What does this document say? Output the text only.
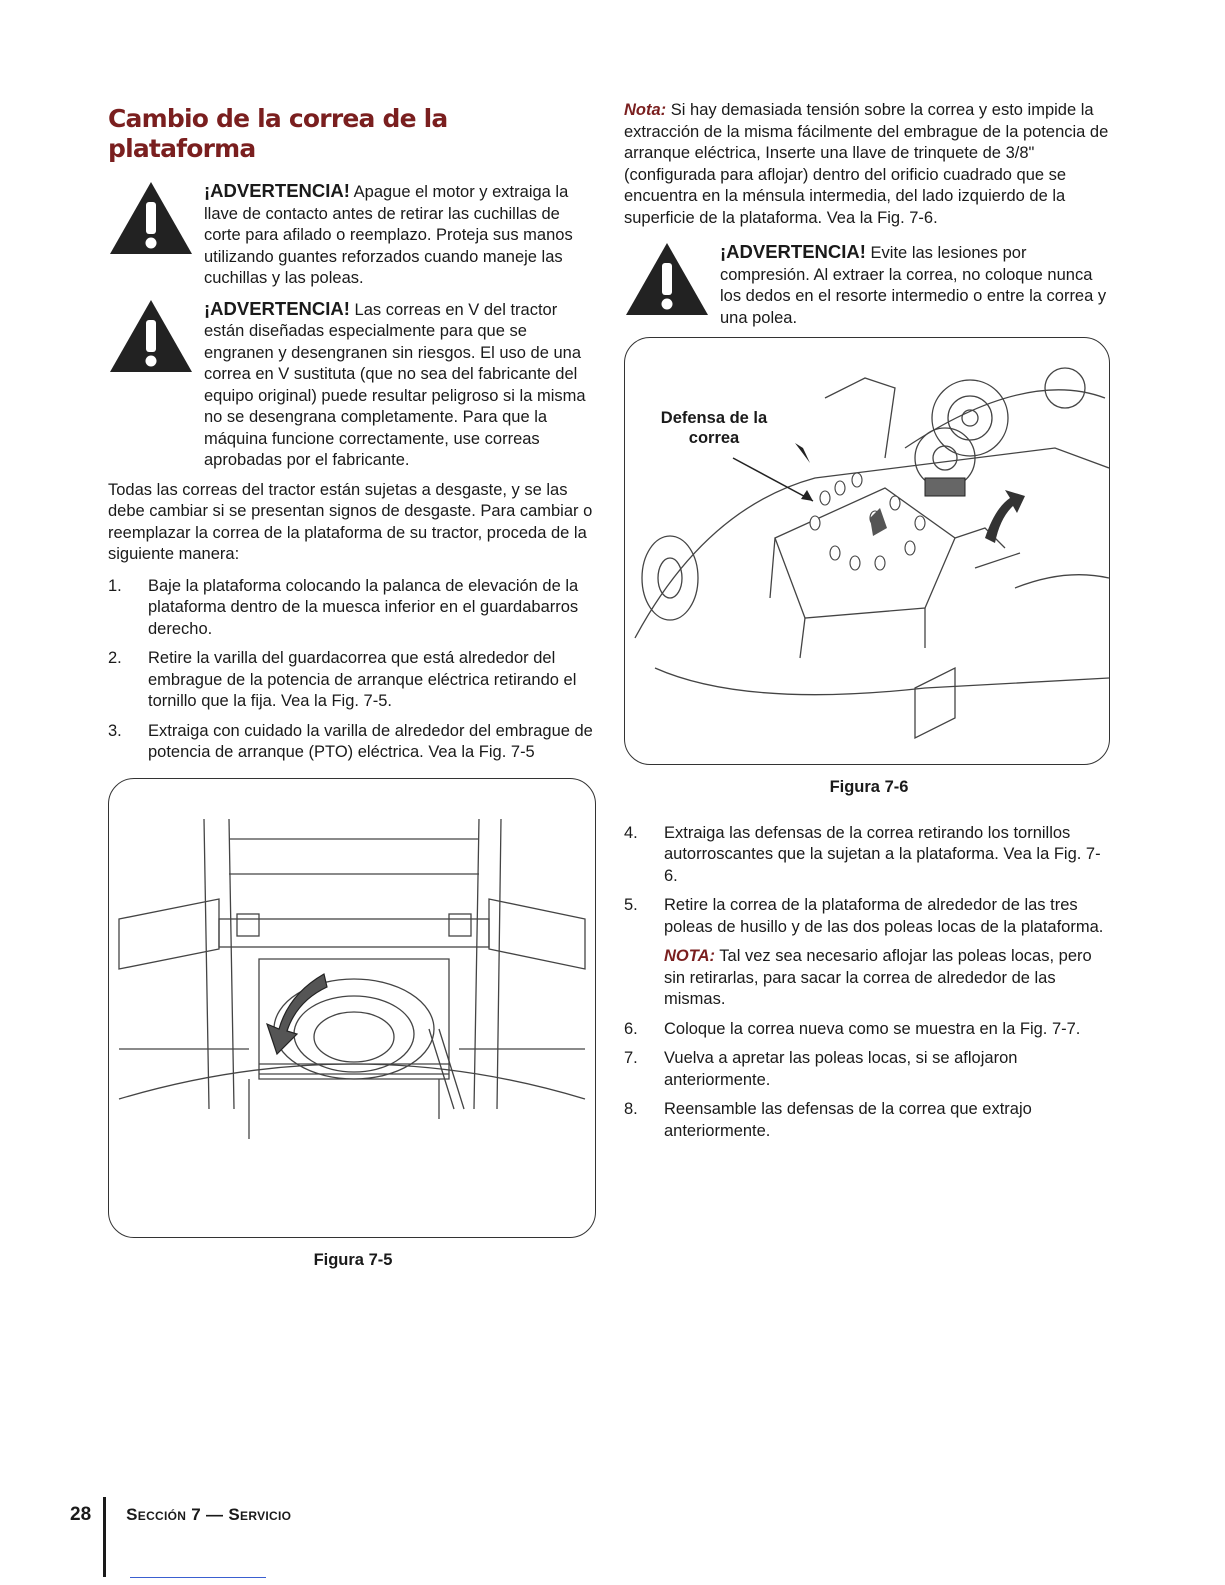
Cambio de la correa de la plataforma
¡ADVERTENCIA! Apague el motor y extraiga la llave de contacto antes de retirar las cuchillas de corte para afilado o reemplazo. Proteja sus manos utilizando guantes reforzados cuando maneje las cuchillas y las poleas.
¡ADVERTENCIA! Las correas en V del tractor están diseñadas especialmente para que se engranen y desengranen sin riesgos. El uso de una correa en V sustituta (que no sea del fabricante del equipo original) puede resultar peligroso si la misma no se desengrana completamente. Para que la máquina funcione correctamente, use correas aprobadas por el fabricante.

Todas las correas del tractor están sujetas a desgaste, y se las debe cambiar si se presentan signos de desgaste. Para cambiar o reemplazar la correa de la plataforma de su tractor, proceda de la siguiente manera:

1.	Baje la plataforma colocando la palanca de elevación de la plataforma dentro de la muesca inferior en el guardabarros derecho.
2.	Retire la varilla del guardacorrea que está alrededor del embrague de la potencia de arranque eléctrica retirando el tornillo que la fija. Vea la Fig. 7-5.
3.	Extraiga con cuidado la varilla de alrededor del embrague de potencia de arranque (PTO) eléctrica. Vea la Fig. 7-5
Figura 7-5

Nota: Si hay demasiada tensión sobre la correa y esto impide la extracción de la misma fácilmente del embrague de la potencia de arranque eléctrica, Inserte una llave de trinquete de 3/8" (configurada para aflojar) dentro del orificio cuadrado que se encuentra en la ménsula intermedia, del lado izquierdo de la superficie de la plataforma. Vea la Fig. 7-6.

¡ADVERTENCIA! Evite las lesiones por compresión. Al extraer la correa, no coloque nunca los dedos en el resorte intermedio o entre la correa y una polea.
Defensa de la
correa
Figura 7-6
4.	Extraiga las defensas de la correa retirando los tornillos autorroscantes que la sujetan a la plataforma. Vea la Fig. 7-6.
5.	Retire la correa de la plataforma de alrededor de las tres poleas de husillo y de las dos poleas locas de la plataforma.

NOTA: Tal vez sea necesario aflojar las poleas locas, pero sin retirarlas, para sacar la correa de alrededor de las mismas.

6.	Coloque la correa nueva como se muestra en la Fig. 7-7.
7.	Vuelva a apretar las poleas locas, si se aflojaron anteriormente.
8.	Reensamble las defensas de la correa que extrajo anteriormente.
28 Sección 7 — Servicio
